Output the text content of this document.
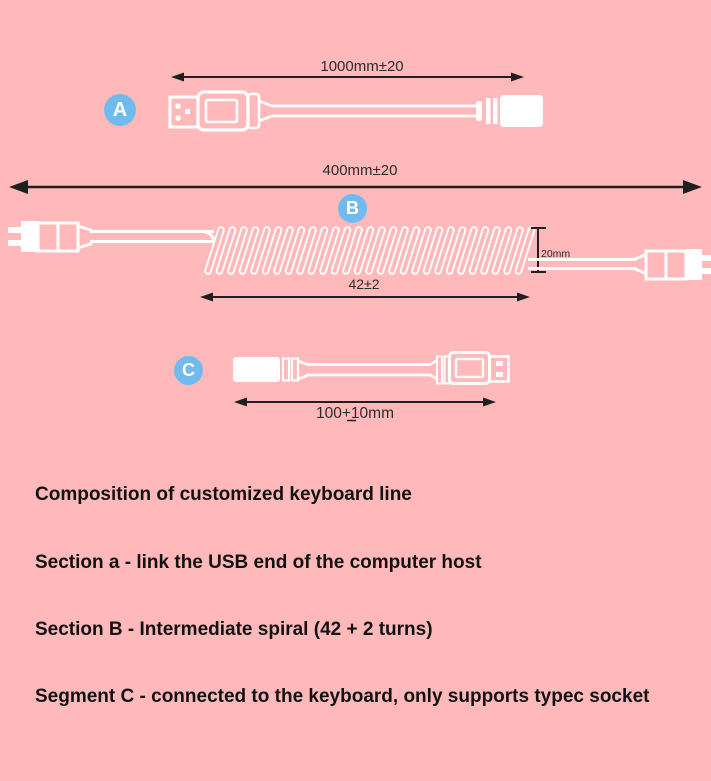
1000mm±20
400mm±20
20mm
42±2
100+10mm
A
B
C

Composition of customized keyboard line

Section a - link the USB end of the computer host

Section B - Intermediate spiral (42 + 2 turns)

Segment C - connected to the keyboard, only supports typec socket
